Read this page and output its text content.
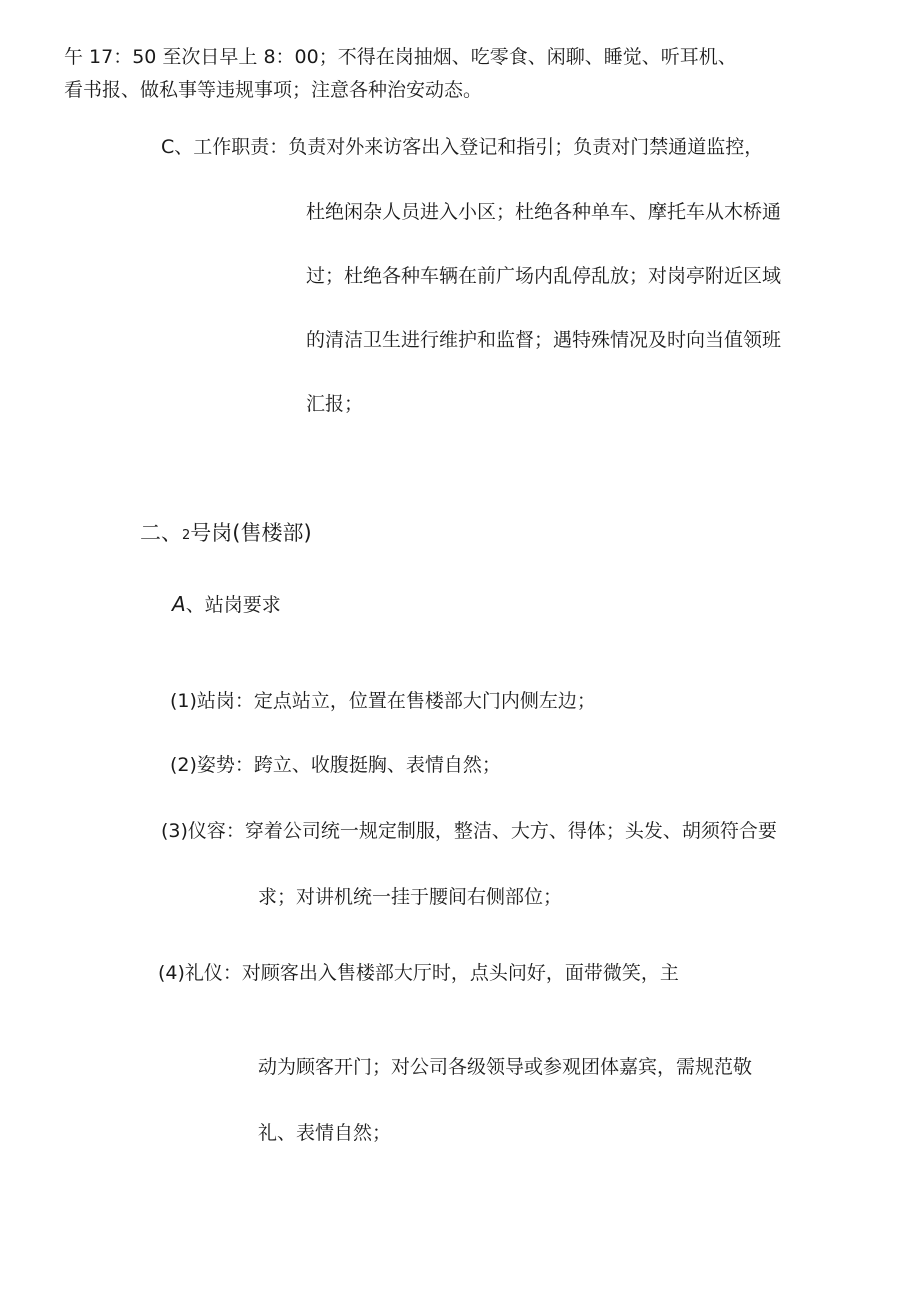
午 17：50 至次日早上 8：00；不得在岗抽烟、吃零食、闲聊、睡觉、听耳机、
看书报、做私事等违规事项；注意各种治安动态。
C、工作职责：负责对外来访客出入登记和指引；负责对门禁通道监控，
杜绝闲杂人员进入小区；杜绝各种单车、摩托车从木桥通
过；杜绝各种车辆在前广场内乱停乱放；对岗亭附近区域
的清洁卫生进行维护和监督；遇特殊情况及时向当值领班
汇报；
二、2号岗(售楼部)
A、站岗要求
(1)站岗：定点站立，位置在售楼部大门内侧左边；
(2)姿势：跨立、收腹挺胸、表情自然；
(3)仪容：穿着公司统一规定制服，整洁、大方、得体；头发、胡须符合要
求；对讲机统一挂于腰间右侧部位；
(4)礼仪：对顾客出入售楼部大厅时，点头问好，面带微笑，主
动为顾客开门；对公司各级领导或参观团体嘉宾，需规范敬
礼、表情自然；
